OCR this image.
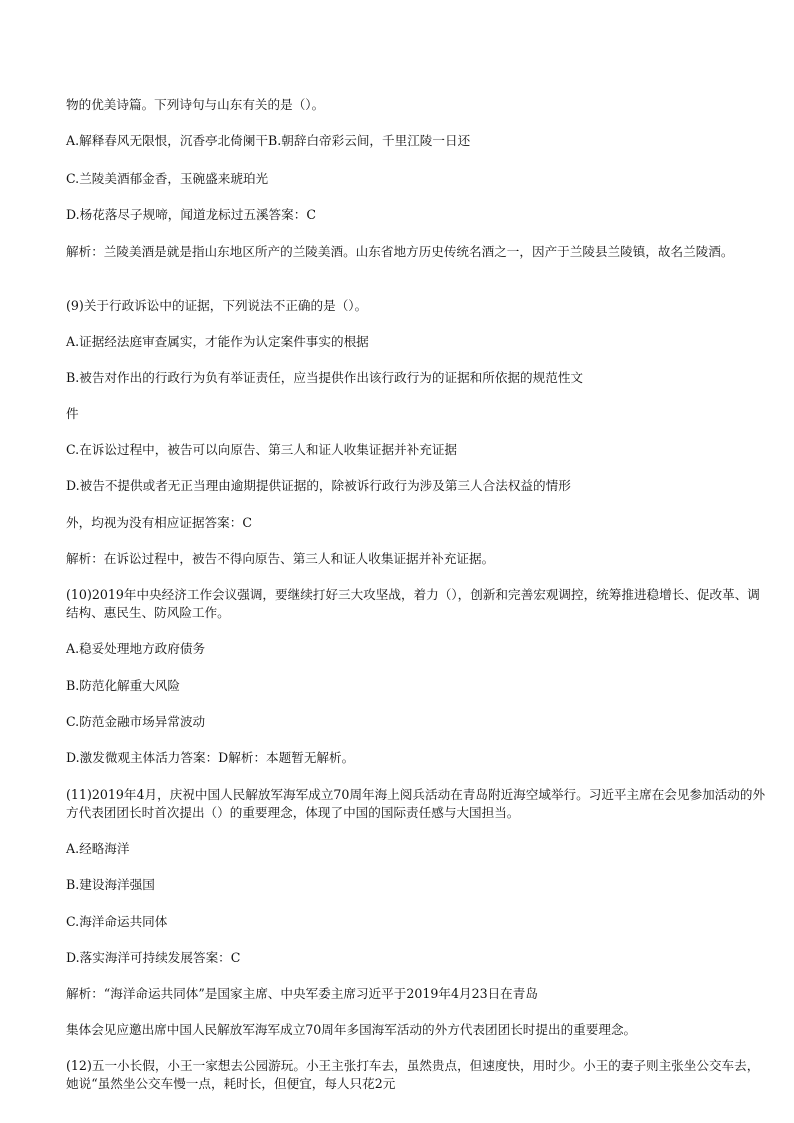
物的优美诗篇。下列诗句与山东有关的是（）。
A.解释春风无限恨，沉香亭北倚阑干B.朝辞白帝彩云间，千里江陵一日还
C.兰陵美酒郁金香，玉碗盛来琥珀光
D.杨花落尽子规啼，闻道龙标过五溪答案：C
解析：兰陵美酒是就是指山东地区所产的兰陵美酒。山东省地方历史传统名酒之一，因产于兰陵县兰陵镇，故名兰陵酒。
(9)关于行政诉讼中的证据，下列说法不正确的是（）。
A.证据经法庭审查属实，才能作为认定案件事实的根据
B.被告对作出的行政行为负有举证责任，应当提供作出该行政行为的证据和所依据的规范性文
件
C.在诉讼过程中，被告可以向原告、第三人和证人收集证据并补充证据
D.被告不提供或者无正当理由逾期提供证据的，除被诉行政行为涉及第三人合法权益的情形
外，均视为没有相应证据答案：C
解析：在诉讼过程中，被告不得向原告、第三人和证人收集证据并补充证据。
(10)2019年中央经济工作会议强调，要继续打好三大攻坚战，着力（），创新和完善宏观调控，统筹推进稳增长、促改革、调结构、惠民生、防风险工作。
A.稳妥处理地方政府债务
B.防范化解重大风险
C.防范金融市场异常波动
D.激发微观主体活力答案：D解析：本题暂无解析。
(11)2019年4月，庆祝中国人民解放军海军成立70周年海上阅兵活动在青岛附近海空域举行。习近平主席在会见参加活动的外方代表团团长时首次提出（）的重要理念，体现了中国的国际责任感与大国担当。
A.经略海洋
B.建设海洋强国
C.海洋命运共同体
D.落实海洋可持续发展答案：C
解析：“海洋命运共同体”是国家主席、中央军委主席习近平于2019年4月23日在青岛
集体会见应邀出席中国人民解放军海军成立70周年多国海军活动的外方代表团团长时提出的重要理念。
(12)五一小长假，小王一家想去公园游玩。小王主张打车去，虽然贵点，但速度快，用时少。小王的妻子则主张坐公交车去，她说“虽然坐公交车慢一点，耗时长，但便宜，每人只花2元
